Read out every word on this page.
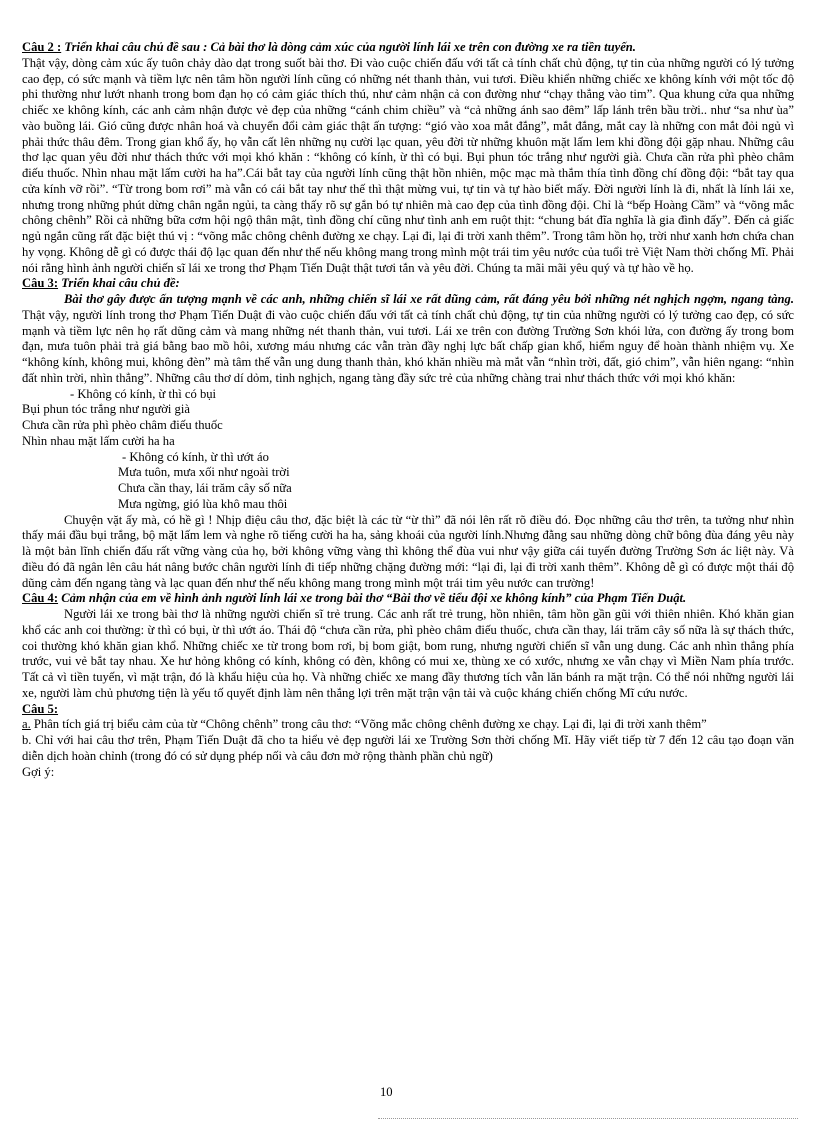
Câu 2 : Triển khai câu chủ đề sau : Cả bài thơ là dòng cảm xúc của người lính lái xe trên con đường xe ra tiền tuyến.

Thật vậy, dòng cảm xúc ấy tuôn chảy dào dạt trong suốt bài thơ. Đi vào cuộc chiến đấu với tất cả tính chất chủ động, tự tin của những người có lý tưởng cao đẹp, có sức mạnh và tiềm lực nên tâm hồn người lính cũng có những nét thanh thản, vui tươi. Điều khiển những chiếc xe không kính với một tốc độ phi thường như lướt nhanh trong bom đạn họ có cảm giác thích thú, như cảm nhận cả con đường như “chạy thẳng vào tim”. Qua khung cửa qua những chiếc xe không kính, các anh cảm nhận được vẻ đẹp của những “cánh chim chiều” và “cả những ánh sao đêm” lấp lánh trên bầu trời.. như “sa như ùa” vào buồng lái. Gió cũng được nhân hoá và chuyển đổi cảm giác thật ấn tượng: “gió vào xoa mắt đắng”, mắt đắng, mắt cay là những con mắt đỏi ngủ vì phải thức thâu đêm. Trong gian khổ ấy, họ vẫn cất lên những nụ cười lạc quan, yêu đời từ những khuôn mặt lấm lem khi đồng đội gặp nhau. Những câu thơ lạc quan yêu đời như thách thức với mọi khó khăn : “không có kính, ừ thì có bụi. Bụi phun tóc trắng như người già. Chưa cần rửa phì phèo châm điếu thuốc. Nhìn nhau mặt lấm cười ha ha”.Cái bắt tay của người lính cũng thật hồn nhiên, mộc mạc mà thắm thía tình đồng chí đồng đội: “bắt tay qua cửa kính vỡ rồi”. “Từ trong bom rơi” mà vẫn có cái bắt tay như thế thì thật mừng vui, tự tin và tự hào biết mấy. Đời người lính là đi, nhất là lính lái xe, nhưng trong những phút dừng chân ngắn ngủi, ta càng thấy rõ sự gắn bó tự nhiên mà cao đẹp của tình đồng đội. Chỉ là “bếp Hoàng Cầm” và “võng mắc chông chênh” Rồi cả những bữa cơm hội ngộ thân mật, tình đồng chí cũng như tình anh em ruột thịt: “chung bát đĩa nghĩa là gia đình đấy”. Đến cả giấc ngủ ngắn cũng rất đặc biệt thú vị : “võng mắc chông chênh đường xe chạy. Lại đi, lại đi trời xanh thêm”. Trong tâm hồn họ, trời như xanh hơn chứa chan hy vọng. Không dễ gì có được thái độ lạc quan đến như thế nếu không mang trong mình một trái tim yêu nước của tuổi trẻ Việt Nam thời chống Mĩ. Phải nói rằng hình ảnh người chiến sĩ lái xe trong thơ Phạm Tiến Duật thật tươi tắn và yêu đời. Chúng ta mãi mãi yêu quý và tự hào về họ.

Câu 3: Triển khai câu chủ đề:

Bài thơ gây được ấn tượng mạnh về các anh, những chiến sĩ lái xe rất dũng cảm, rất đáng yêu bởi những nét nghịch ngợm, ngang tàng. Thật vậy, người lính trong thơ Phạm Tiến Duật đi vào cuộc chiến đấu với tất cả tính chất chủ động, tự tin của những người có lý tưởng cao đẹp, có sức mạnh và tiềm lực nên họ rất dũng cảm và mang những nét thanh thản, vui tươi. Lái xe trên con đường Trường Sơn khói lửa, con đường ấy trong bom đạn, mưa tuôn phải trả giá bằng bao mồ hôi, xương máu nhưng các vẫn tràn đầy nghị lực bất chấp gian khổ, hiểm nguy để hoàn thành nhiệm vụ. Xe “không kính, không mui, không đèn” mà tâm thế vẫn ung dung thanh thản, khó khăn nhiều mà mắt vẫn “nhìn trời, đất, gió chim”, vẫn hiên ngang: “nhìn đất nhìn trời, nhìn thẳng”. Những câu thơ dí dỏm, tinh nghịch, ngang tàng đầy sức trẻ của những chàng trai như thách thức với mọi khó khăn:

- Không có kính, ừ thì có bụi

Bụi phun tóc trắng như người già

Chưa cần rửa phì phèo châm điếu thuốc

Nhìn nhau mặt lấm cười ha ha

- Không có kính, ừ thì ướt áo

Mưa tuôn, mưa xối như ngoài trời

Chưa cần thay, lái trăm cây số nữa

Mưa ngừng, gió lùa khô mau thôi

Chuyện vặt ấy mà, có hề gì ! Nhịp điệu câu thơ, đặc biệt là các từ “ừ thì” đã nói lên rất rõ điều đó. Đọc những câu thơ trên, ta tưởng như nhìn thấy mái đầu bụi trắng, bộ mặt lấm lem và nghe rõ tiếng cười ha ha, sảng khoái của người lính.Nhưng đằng sau những dòng chữ bông đùa đáng yêu này là một bản lĩnh chiến đấu rất vững vàng của họ, bởi không vững vàng thì không thể đùa vui như vậy giữa cái tuyến đường Trường Sơn ác liệt này. Và điều đó đã ngân lên câu hát nâng bước chân người lính đi tiếp những chặng đường mới: “lại đi, lại đi trời xanh thêm”. Không dễ gì có được một thái độ dũng cảm đến ngang tàng và lạc quan đến như thế nếu không mang trong mình một trái tim yêu nước can trường!

Câu 4: Cảm nhận của em về hình ảnh người lính lái xe trong bài thơ “Bài thơ về tiểu đội xe không kính” của Phạm Tiến Duật.

Người lái xe trong bài thơ là những người chiến sĩ trẻ trung. Các anh rất trẻ trung, hồn nhiên, tâm hồn gần gũi với thiên nhiên. Khó khăn gian khổ các anh coi thường: ừ thì có bụi, ừ thì ướt áo. Thái độ “chưa cần rửa, phì phèo châm điếu thuốc, chưa cần thay, lái trăm cây số nữa là sự thách thức, coi thường khó khăn gian khổ. Những chiếc xe từ trong bom rơi, bị bom giật, bom rung, nhưng người chiến sĩ vẫn ung dung. Các anh nhìn thẳng phía trước, vui vẻ bắt tay nhau. Xe hư hỏng không có kính, không có đèn, không có mui xe, thùng xe có xước, nhưng xe vẫn chạy vì Miền Nam phía trước. Tất cả vì tiền tuyến, vì mặt trận, đó là khẩu hiệu của họ. Và những chiếc xe mang đầy thương tích vẫn lăn bánh ra mặt trận. Có thể nói những người lái xe, người làm chủ phương tiện là yếu tố quyết định làm nên thắng lợi trên mặt trận vận tải và cuộc kháng chiến chống Mĩ cứu nước.

Câu 5:

a. Phân tích giá trị biểu cảm của từ “Chông chênh” trong câu thơ: “Võng mắc chông chênh đường xe chạy. Lại đi, lại đi trời xanh thêm”

b. Chỉ với hai câu thơ trên, Phạm Tiến Duật đã cho ta hiểu vẻ đẹp người lái xe Trường Sơn thời chống Mĩ. Hãy viết tiếp từ 7 đến 12 câu tạo đoạn văn diễn dịch hoàn chỉnh (trong đó có sử dụng phép nối và câu đơn mở rộng thành phần chủ ngữ)

Gợi ý:

10
